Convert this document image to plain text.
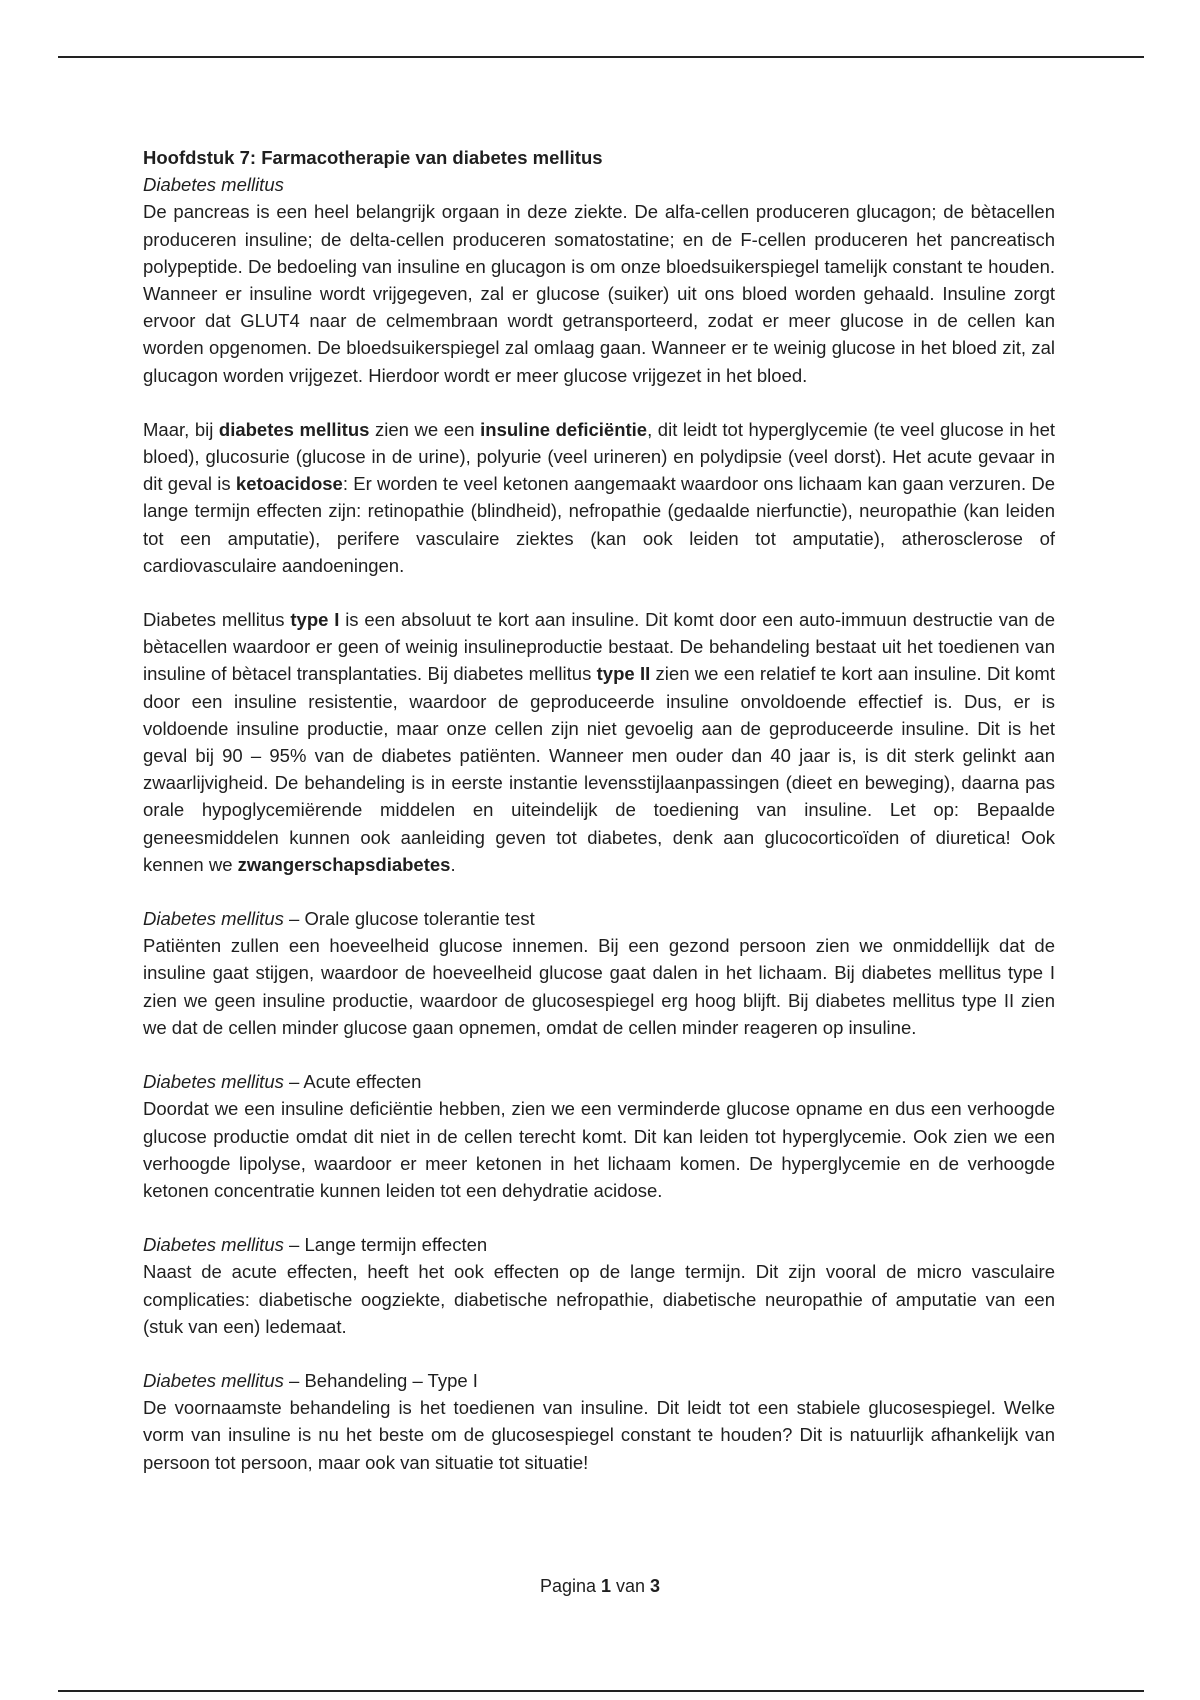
Hoofdstuk 7: Farmacotherapie van diabetes mellitus
Diabetes mellitus

De pancreas is een heel belangrijk orgaan in deze ziekte. De alfa-cellen produceren glucagon; de bètacellen produceren insuline; de delta-cellen produceren somatostatine; en de F-cellen produceren het pancreatisch polypeptide. De bedoeling van insuline en glucagon is om onze bloedsuikerspiegel tamelijk constant te houden. Wanneer er insuline wordt vrijgegeven, zal er glucose (suiker) uit ons bloed worden gehaald. Insuline zorgt ervoor dat GLUT4 naar de celmembraan wordt getransporteerd, zodat er meer glucose in de cellen kan worden opgenomen. De bloedsuikerspiegel zal omlaag gaan. Wanneer er te weinig glucose in het bloed zit, zal glucagon worden vrijgezet. Hierdoor wordt er meer glucose vrijgezet in het bloed.

Maar, bij diabetes mellitus zien we een insuline deficiëntie, dit leidt tot hyperglycemie (te veel glucose in het bloed), glucosurie (glucose in de urine), polyurie (veel urineren) en polydipsie (veel dorst). Het acute gevaar in dit geval is ketoacidose: Er worden te veel ketonen aangemaakt waardoor ons lichaam kan gaan verzuren. De lange termijn effecten zijn: retinopathie (blindheid), nefropathie (gedaalde nierfunctie), neuropathie (kan leiden tot een amputatie), perifere vasculaire ziektes (kan ook leiden tot amputatie), atherosclerose of cardiovasculaire aandoeningen.

Diabetes mellitus type I is een absoluut te kort aan insuline. Dit komt door een auto-immuun destructie van de bètacellen waardoor er geen of weinig insulineproductie bestaat. De behandeling bestaat uit het toedienen van insuline of bètacel transplantaties. Bij diabetes mellitus type II zien we een relatief te kort aan insuline. Dit komt door een insuline resistentie, waardoor de geproduceerde insuline onvoldoende effectief is. Dus, er is voldoende insuline productie, maar onze cellen zijn niet gevoelig aan de geproduceerde insuline. Dit is het geval bij 90 – 95% van de diabetes patiënten. Wanneer men ouder dan 40 jaar is, is dit sterk gelinkt aan zwaarlijvigheid. De behandeling is in eerste instantie levensstijlaanpassingen (dieet en beweging), daarna pas orale hypoglycemiërende middelen en uiteindelijk de toediening van insuline. Let op: Bepaalde geneesmiddelen kunnen ook aanleiding geven tot diabetes, denk aan glucocorticoïden of diuretica! Ook kennen we zwangerschapsdiabetes.

Diabetes mellitus – Orale glucose tolerantie test

Patiënten zullen een hoeveelheid glucose innemen. Bij een gezond persoon zien we onmiddellijk dat de insuline gaat stijgen, waardoor de hoeveelheid glucose gaat dalen in het lichaam. Bij diabetes mellitus type I zien we geen insuline productie, waardoor de glucosespiegel erg hoog blijft. Bij diabetes mellitus type II zien we dat de cellen minder glucose gaan opnemen, omdat de cellen minder reageren op insuline.

Diabetes mellitus – Acute effecten

Doordat we een insuline deficiëntie hebben, zien we een verminderde glucose opname en dus een verhoogde glucose productie omdat dit niet in de cellen terecht komt. Dit kan leiden tot hyperglycemie. Ook zien we een verhoogde lipolyse, waardoor er meer ketonen in het lichaam komen. De hyperglycemie en de verhoogde ketonen concentratie kunnen leiden tot een dehydratie acidose.

Diabetes mellitus – Lange termijn effecten

Naast de acute effecten, heeft het ook effecten op de lange termijn. Dit zijn vooral de micro vasculaire complicaties: diabetische oogziekte, diabetische nefropathie, diabetische neuropathie of amputatie van een (stuk van een) ledemaat.

Diabetes mellitus – Behandeling – Type I

De voornaamste behandeling is het toedienen van insuline. Dit leidt tot een stabiele glucosespiegel. Welke vorm van insuline is nu het beste om de glucosespiegel constant te houden? Dit is natuurlijk afhankelijk van persoon tot persoon, maar ook van situatie tot situatie!

Pagina 1 van 3
